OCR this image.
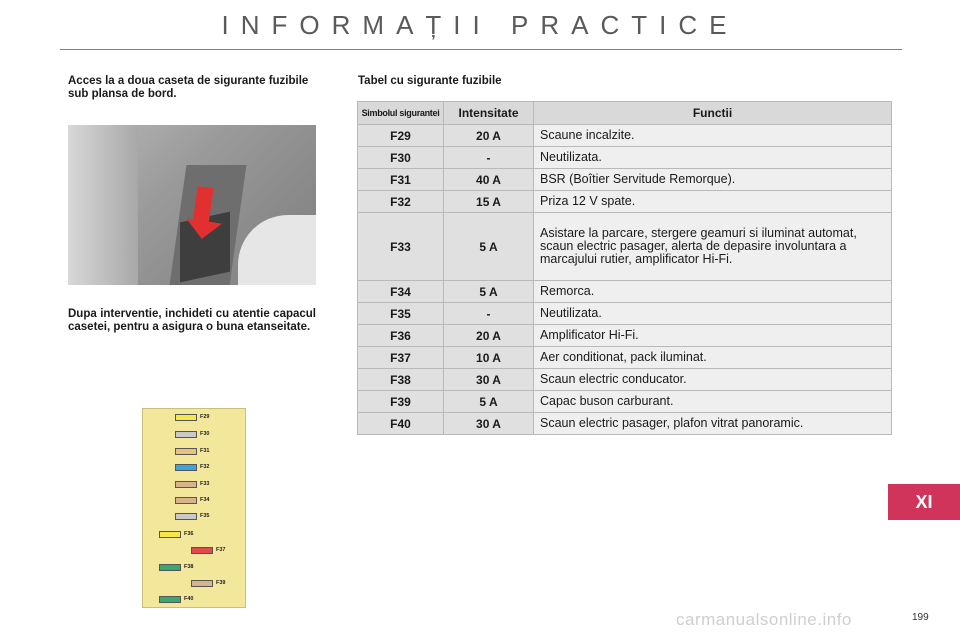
INFORMAȚII PRACTICE
Acces la a doua caseta de sigurante fuzibile sub plansa de bord.
Dupa interventie, inchideti cu atentie capacul casetei, pentru a asigura o buna etanseitate.
F29
F30
F31
F32
F33
F34
F35
F36
F37
F38
F39
F40
Tabel cu sigurante fuzibile
Simbolul sigurantei	Intensitate	Functii
F29	20 A	Scaune incalzite.
F30	-	Neutilizata.
F31	40 A	BSR (Boîtier Servitude Remorque).
F32	15 A	Priza 12 V spate.
F33	5 A	Asistare la parcare, stergere geamuri si iluminat automat, scaun electric pasager, alerta de depasire involuntara a marcajului rutier, amplificator Hi-Fi.
F34	5 A	Remorca.
F35	-	Neutilizata.
F36	20 A	Amplificator Hi-Fi.
F37	10 A	Aer conditionat, pack iluminat.
F38	30 A	Scaun electric conducator.
F39	5 A	Capac buson carburant.
F40	30 A	Scaun electric pasager, plafon vitrat panoramic.
XI
199
carmanualsonline.info
